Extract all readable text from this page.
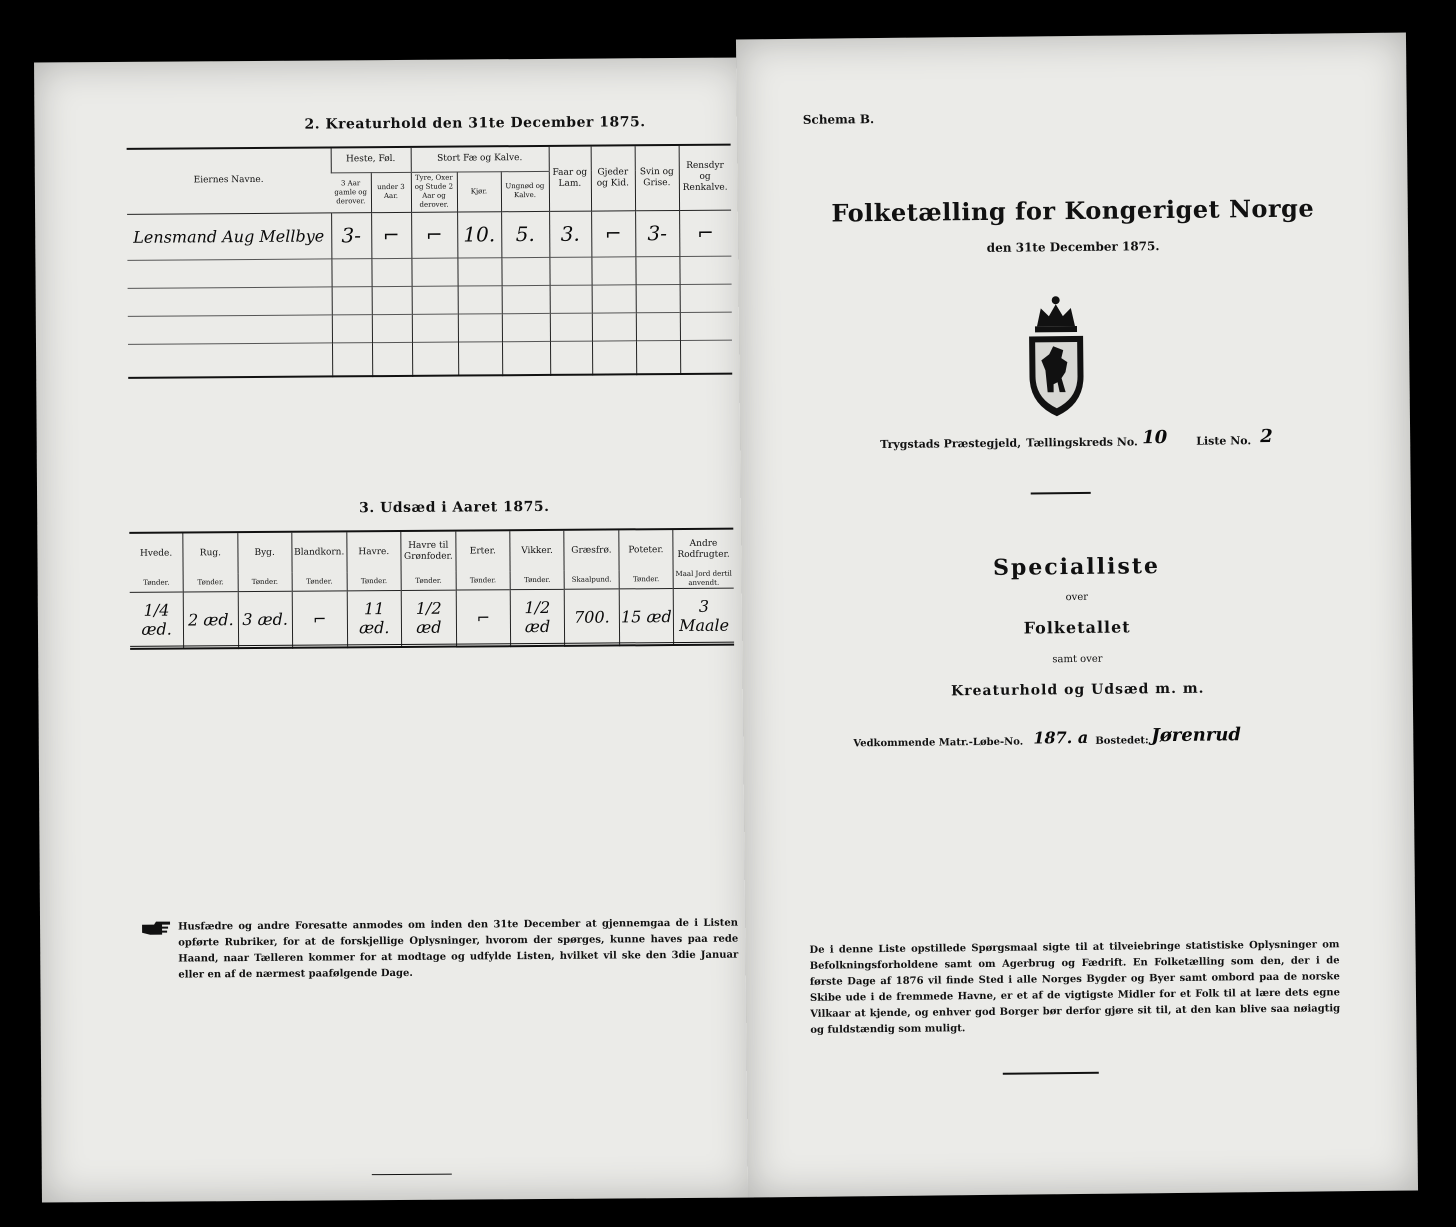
2. Kreaturhold den 31te December 1875.
Eiernes Navne.	Heste, Føl.		Stort Fæ og Kalve.			Faar og Lam.	Gjeder og Kid.	Svin og Grise.	Rensdyr og Renkalve.
	3 Aar gamle og derover.	under 3 Aar.	Tyre, Oxer og Stude 2 Aar og derover.	Kjør.	Ungnød og Kalve.				
Lensmand Aug Mellbye	3-	⌐	⌐	10.	5.	3.	⌐	3-	⌐

3. Udsæd i Aaret 1875.
Hvede.	Rug.	Byg.	Blandkorn.	Havre.	Havre til Grønfoder.	Erter.	Vikker.	Græsfrø.	Poteter.	Andre Rodfrugter.
Tønder.	Tønder.	Tønder.	Tønder.	Tønder.	Tønder.	Tønder.	Tønder.	Skaalpund.	Tønder.	Maal Jord dertil anvendt.
1/4 æd.	2 æd.	3 æd.	⌐	11 æd.	1/2 æd	⌐	1/2 æd	700.	15 æd	3 Maale
Husfædre og andre Foresatte anmodes om inden den 31te December at gjennemgaa de i Listen opførte Rubriker, for at de forskjellige Oplysninger, hvorom der spørges, kunne haves paa rede Haand, naar Tælleren kommer for at modtage og udfylde Listen, hvilket vil ske den 3die Januar eller en af de nærmest paafølgende Dage.
Schema B.
Folketælling for Kongeriget Norge
den 31te December 1875.
Trygstads Præstegjeld, Tællingskreds No. 10	Liste No. 2
Specialliste
over
Folketallet
samt over
Kreaturhold og Udsæd m. m.
Vedkommende Matr.-Løbe-No. 187. a Bostedet: Jørenrud
De i denne Liste opstillede Spørgsmaal sigte til at tilveiebringe statistiske Oplysninger om Befolkningsforholdene samt om Agerbrug og Fædrift. En Folketælling som den, der i de første Dage af 1876 vil finde Sted i alle Norges Bygder og Byer samt ombord paa de norske Skibe ude i de fremmede Havne, er et af de vigtigste Midler for et Folk til at lære dets egne Vilkaar at kjende, og enhver god Borger bør derfor gjøre sit til, at den kan blive saa nøiagtig og fuldstændig som muligt.
